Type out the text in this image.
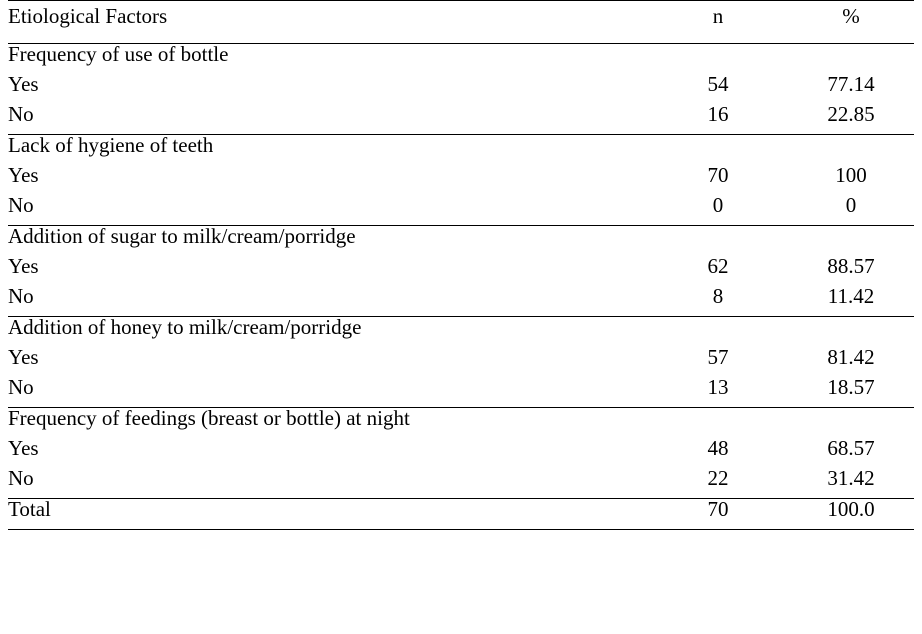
Etiological Factors	n	%
Frequency of use of bottle		
Yes	54	77.14
No	16	22.85
Lack of hygiene of teeth		
Yes	70	100
No	0	0
Addition of sugar to milk/cream/porridge		
Yes	62	88.57
No	8	11.42
Addition of honey to milk/cream/porridge		
Yes	57	81.42
No	13	18.57
Frequency of feedings (breast or bottle) at night		
Yes	48	68.57
No	22	31.42
Total	70	100.0
